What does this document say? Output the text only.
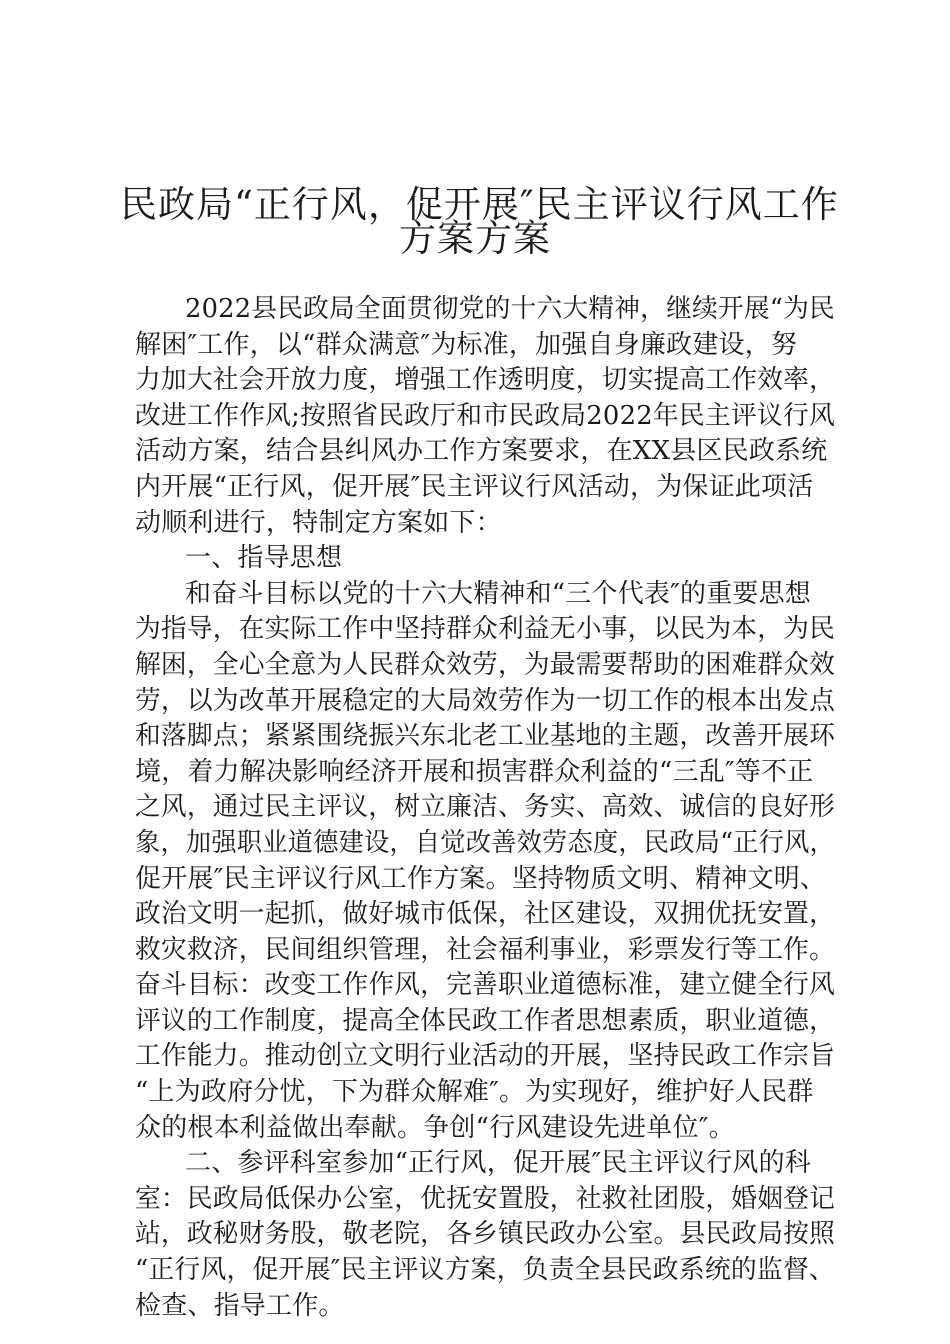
民政局“正行风，促开展″民主评议行风工作
方案方案
2022县民政局全面贯彻党的十六大精神，继续开展“为民
解困″工作，以“群众满意″为标准，加强自身廉政建设，努
力加大社会开放力度，增强工作透明度，切实提高工作效率，
改进工作作风;按照省民政厅和市民政局2022年民主评议行风
活动方案，结合县纠风办工作方案要求，在XX县区民政系统
内开展“正行风，促开展″民主评议行风活动，为保证此项活
动顺利进行，特制定方案如下：
一、指导思想
和奋斗目标以党的十六大精神和“三个代表″的重要思想
为指导，在实际工作中坚持群众利益无小事，以民为本，为民
解困，全心全意为人民群众效劳，为最需要帮助的困难群众效
劳，以为改革开展稳定的大局效劳作为一切工作的根本出发点
和落脚点；紧紧围绕振兴东北老工业基地的主题，改善开展环
境，着力解决影响经济开展和损害群众利益的“三乱″等不正
之风，通过民主评议，树立廉洁、务实、高效、诚信的良好形
象，加强职业道德建设，自觉改善效劳态度，民政局“正行风，
促开展″民主评议行风工作方案。坚持物质文明、精神文明、
政治文明一起抓，做好城市低保，社区建设，双拥优抚安置，
救灾救济，民间组织管理，社会福利事业，彩票发行等工作。
奋斗目标：改变工作作风，完善职业道德标准，建立健全行风
评议的工作制度，提高全体民政工作者思想素质，职业道德，
工作能力。推动创立文明行业活动的开展，坚持民政工作宗旨
“上为政府分忧，下为群众解难″。为实现好，维护好人民群
众的根本利益做出奉献。争创“行风建设先进单位″。
二、参评科室参加“正行风，促开展″民主评议行风的科
室：民政局低保办公室，优抚安置股，社救社团股，婚姻登记
站，政秘财务股，敬老院，各乡镇民政办公室。县民政局按照
“正行风，促开展″民主评议方案，负责全县民政系统的监督、
检查、指导工作。
